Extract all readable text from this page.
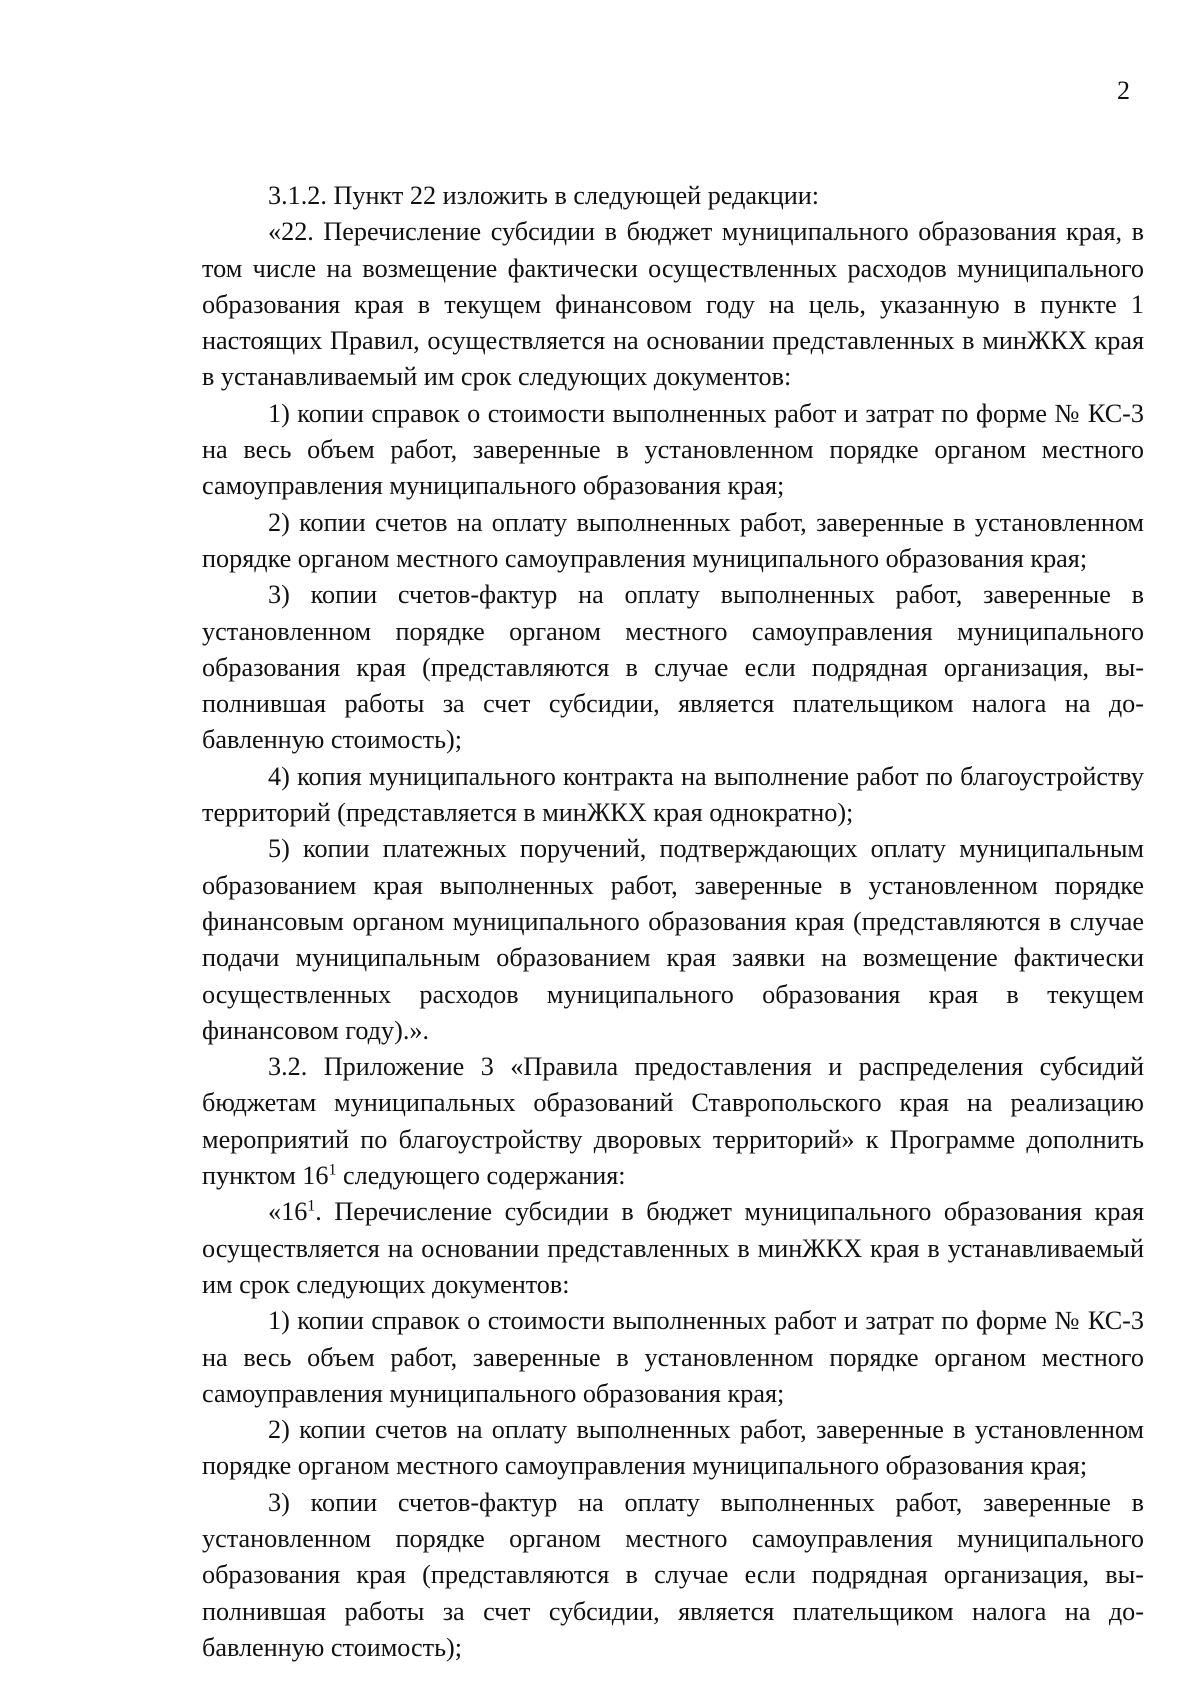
2

3.1.2. Пункт 22 изложить в следующей редакции:

«22. Перечисление субсидии в бюджет муниципального образования края, в том числе на возмещение фактически осуществленных расходов муниципального образования края в текущем финансовом году на цель, указанную в пункте 1 настоящих Правил, осуществляется на основании представленных в минЖКХ края в устанавливаемый им срок следующих документов:

1) копии справок о стоимости выполненных работ и затрат по форме № КС-3 на весь объем работ, заверенные в установленном порядке органом местного самоуправления муниципального образования края;

2) копии счетов на оплату выполненных работ, заверенные в установленном порядке органом местного самоуправления муниципального образования края;

3) копии счетов-фактур на оплату выполненных работ, заверенные в установленном порядке органом местного самоуправления муниципального образования края (представляются в случае если подрядная организация, выполнившая работы за счет субсидии, является плательщиком налога на добавленную стоимость);

4) копия муниципального контракта на выполнение работ по благоустройству территорий (представляется в минЖКХ края однократно);

5) копии платежных поручений, подтверждающих оплату муниципальным образованием края выполненных работ, заверенные в установленном порядке финансовым органом муниципального образования края (представляются в случае подачи муниципальным образованием края заявки на возмещение фактически осуществленных расходов муниципального образования края в текущем финансовом году).».

3.2. Приложение 3 «Правила предоставления и распределения субсидий бюджетам муниципальных образований Ставропольского края на реализацию мероприятий по благоустройству дворовых территорий» к Программе дополнить пунктом $16^1$ следующего содержания:

«$16^1$. Перечисление субсидии в бюджет муниципального образования края осуществляется на основании представленных в минЖКХ края в устанавливаемый им срок следующих документов:

1) копии справок о стоимости выполненных работ и затрат по форме № КС-3 на весь объем работ, заверенные в установленном порядке органом местного самоуправления муниципального образования края;

2) копии счетов на оплату выполненных работ, заверенные в установленном порядке органом местного самоуправления муниципального образования края;

3) копии счетов-фактур на оплату выполненных работ, заверенные в установленном порядке органом местного самоуправления муниципального образования края (представляются в случае если подрядная организация, выполнившая работы за счет субсидии, является плательщиком налога на добавленную стоимость);
